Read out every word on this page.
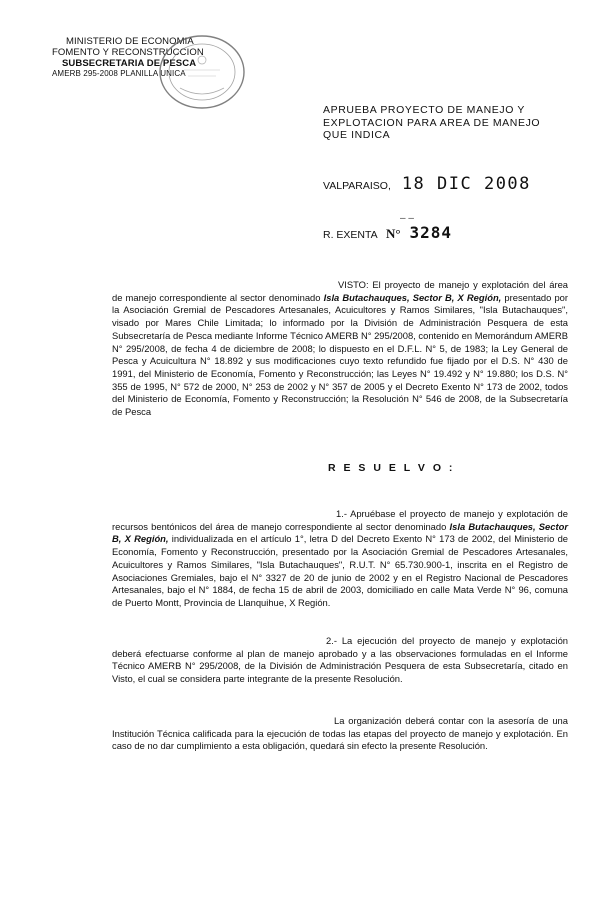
MINISTERIO DE ECONOMIA
FOMENTO Y RECONSTRUCCION
SUBSECRETARIA DE PESCA
AMERB 295-2008 PLANILLA UNICA
APRUEBA PROYECTO DE MANEJO Y EXPLOTACION PARA AREA DE MANEJO QUE INDICA
VALPARAISO, 18 DIC 2008
– –
R. EXENTA N° 3284
VISTO: El proyecto de manejo y explotación del área de manejo correspondiente al sector denominado Isla Butachauques, Sector B, X Región, presentado por la Asociación Gremial de Pescadores Artesanales, Acuicultores y Ramos Similares, "Isla Butachauques", visado por Mares Chile Limitada; lo informado por la División de Administración Pesquera de esta Subsecretaría de Pesca mediante Informe Técnico AMERB N° 295/2008, contenido en Memorándum AMERB N° 295/2008, de fecha 4 de diciembre de 2008; lo dispuesto en el D.F.L. N° 5, de 1983; la Ley General de Pesca y Acuicultura N° 18.892 y sus modificaciones cuyo texto refundido fue fijado por el D.S. N° 430 de 1991, del Ministerio de Economía, Fomento y Reconstrucción; las Leyes N° 19.492 y N° 19.880; los D.S. N° 355 de 1995, N° 572 de 2000, N° 253 de 2002 y N° 357 de 2005 y el Decreto Exento N° 173 de 2002, todos del Ministerio de Economía, Fomento y Reconstrucción; la Resolución N° 546 de 2008, de la Subsecretaría de Pesca
R E S U E L V O :
1.- Apruébase el proyecto de manejo y explotación de recursos bentónicos del área de manejo correspondiente al sector denominado Isla Butachauques, Sector B, X Región, individualizada en el artículo 1°, letra D del Decreto Exento N° 173 de 2002, del Ministerio de Economía, Fomento y Reconstrucción, presentado por la Asociación Gremial de Pescadores Artesanales, Acuicultores y Ramos Similares, "Isla Butachauques", R.U.T. N° 65.730.900-1, inscrita en el Registro de Asociaciones Gremiales, bajo el N° 3327 de 20 de junio de 2002 y en el Registro Nacional de Pescadores Artesanales, bajo el N° 1884, de fecha 15 de abril de 2003, domiciliado en calle Mata Verde N° 96, comuna de Puerto Montt, Provincia de Llanquihue, X Región.
2.- La ejecución del proyecto de manejo y explotación deberá efectuarse conforme al plan de manejo aprobado y a las observaciones formuladas en el Informe Técnico AMERB N° 295/2008, de la División de Administración Pesquera de esta Subsecretaría, citado en Visto, el cual se considera parte integrante de la presente Resolución.
La organización deberá contar con la asesoría de una Institución Técnica calificada para la ejecución de todas las etapas del proyecto de manejo y explotación. En caso de no dar cumplimiento a esta obligación, quedará sin efecto la presente Resolución.
